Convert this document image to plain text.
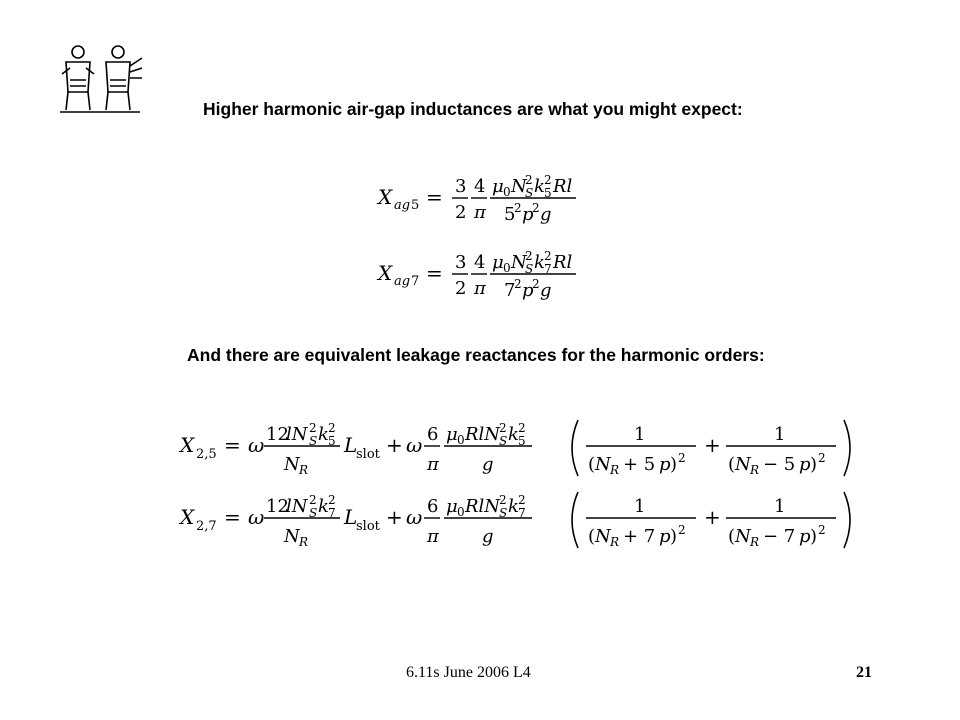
Higher harmonic air-gap inductances are what you might expect:
X ag 5 = 3
2
4
π
μ 0 N
2
S k 2
5 Rl
5
2 p
2 g
X ag 7 = 3
2
4
π
μ 0 N
2
S k 2
7 Rl
7
2 p
2 g
And there are equivalent leakage reactances for the harmonic orders:
X 2,5 = ω 12
lN 2
S k 2
5
N R
L
slot + ω 6
π
μ 0 RlN
2
S k 2
5
g
1
( N R + 5 p ) 2
+	1
( N R − 5 p ) 2
X 2,7 = ω 12
lN 2
S k 2
7
N R
L
slot + ω 6
π
μ 0 RlN
2
S k 2
7
g
1
( N R + 7 p ) 2
+	1
( N R − 7 p ) 2
6.11s June 2006 L4	21
